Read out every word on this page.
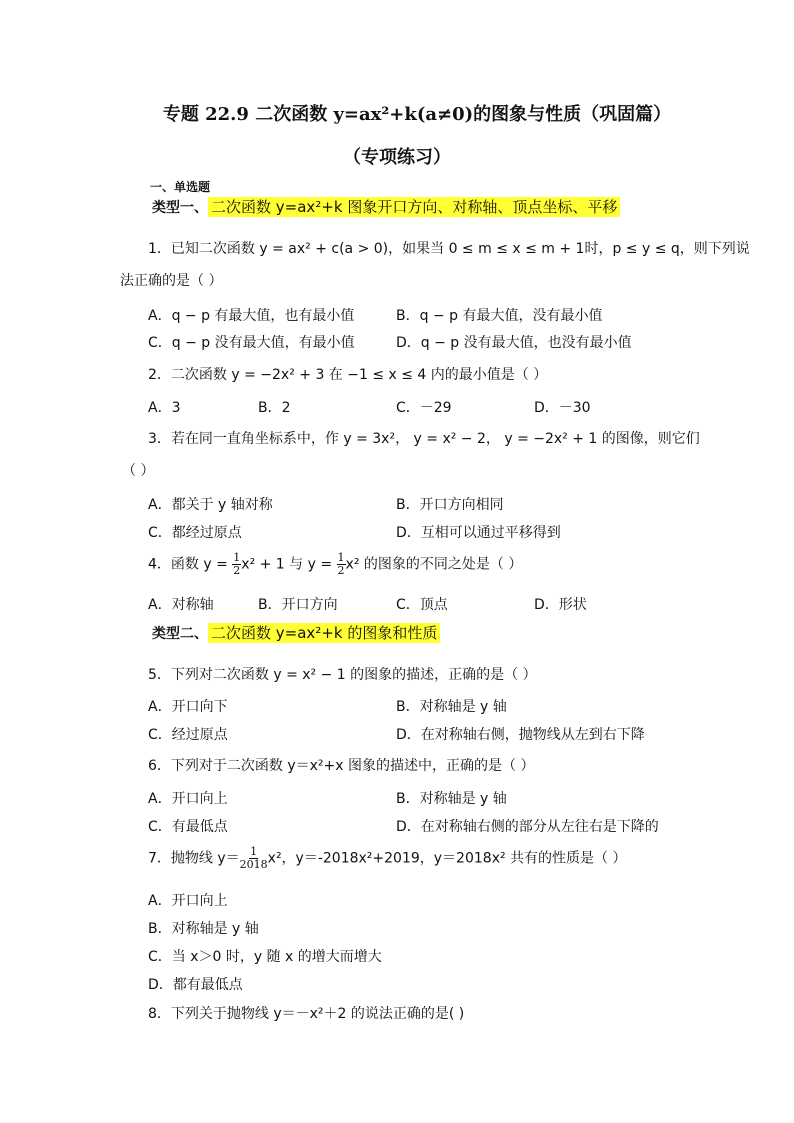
专题 22.9 二次函数 y=ax²+k(a≠0)的图象与性质（巩固篇）
（专项练习）
一、单选题
类型一、 二次函数 y=ax²+k 图象开口方向、对称轴、顶点坐标、平移
1．已知二次函数 y = ax² + c(a > 0)，如果当 0 ≤ m ≤ x ≤ m + 1时，p ≤ y ≤ q，则下列说
法正确的是（ ）
A．q − p 有最大值，也有最小值	B．q − p 有最大值，没有最小值
C．q − p 没有最大值，有最小值	D．q − p 没有最大值，也没有最小值
2．二次函数 y = −2x² + 3 在 −1 ≤ x ≤ 4 内的最小值是（ ）
A．3	B．2	C．－29	D．－30
3．若在同一直角坐标系中，作 y = 3x²， y = x² − 2， y = −2x² + 1 的图像，则它们
（ ）
A．都关于 y 轴对称	B．开口方向相同
C．都经过原点	D．互相可以通过平移得到
4．函数 $y = \frac{1}{2} x^2 + 1$ 与 $y = \frac{1}{2} x^2$ 的图象的不同之处是（ ）
A．对称轴	B．开口方向	C．顶点	D．形状
类型二、 二次函数 y=ax²+k 的图象和性质
5．下列对二次函数 y = x² − 1 的图象的描述，正确的是（ ）
A．开口向下	B．对称轴是 y 轴
C．经过原点	D．在对称轴右侧，抛物线从左到右下降
6．下列对于二次函数 y＝x²+x 图象的描述中，正确的是（ ）
A．开口向上	B．对称轴是 y 轴
C．有最低点	D．在对称轴右侧的部分从左往右是下降的
7．抛物线 $y= \frac{1}{2018} x^2$，y＝-2018x²+2019，y＝2018x² 共有的性质是（ ）
A．开口向上
B．对称轴是 y 轴
C．当 x＞0 时，y 随 x 的增大而增大
D．都有最低点
8．下列关于抛物线 y＝－x²＋2 的说法正确的是( )
